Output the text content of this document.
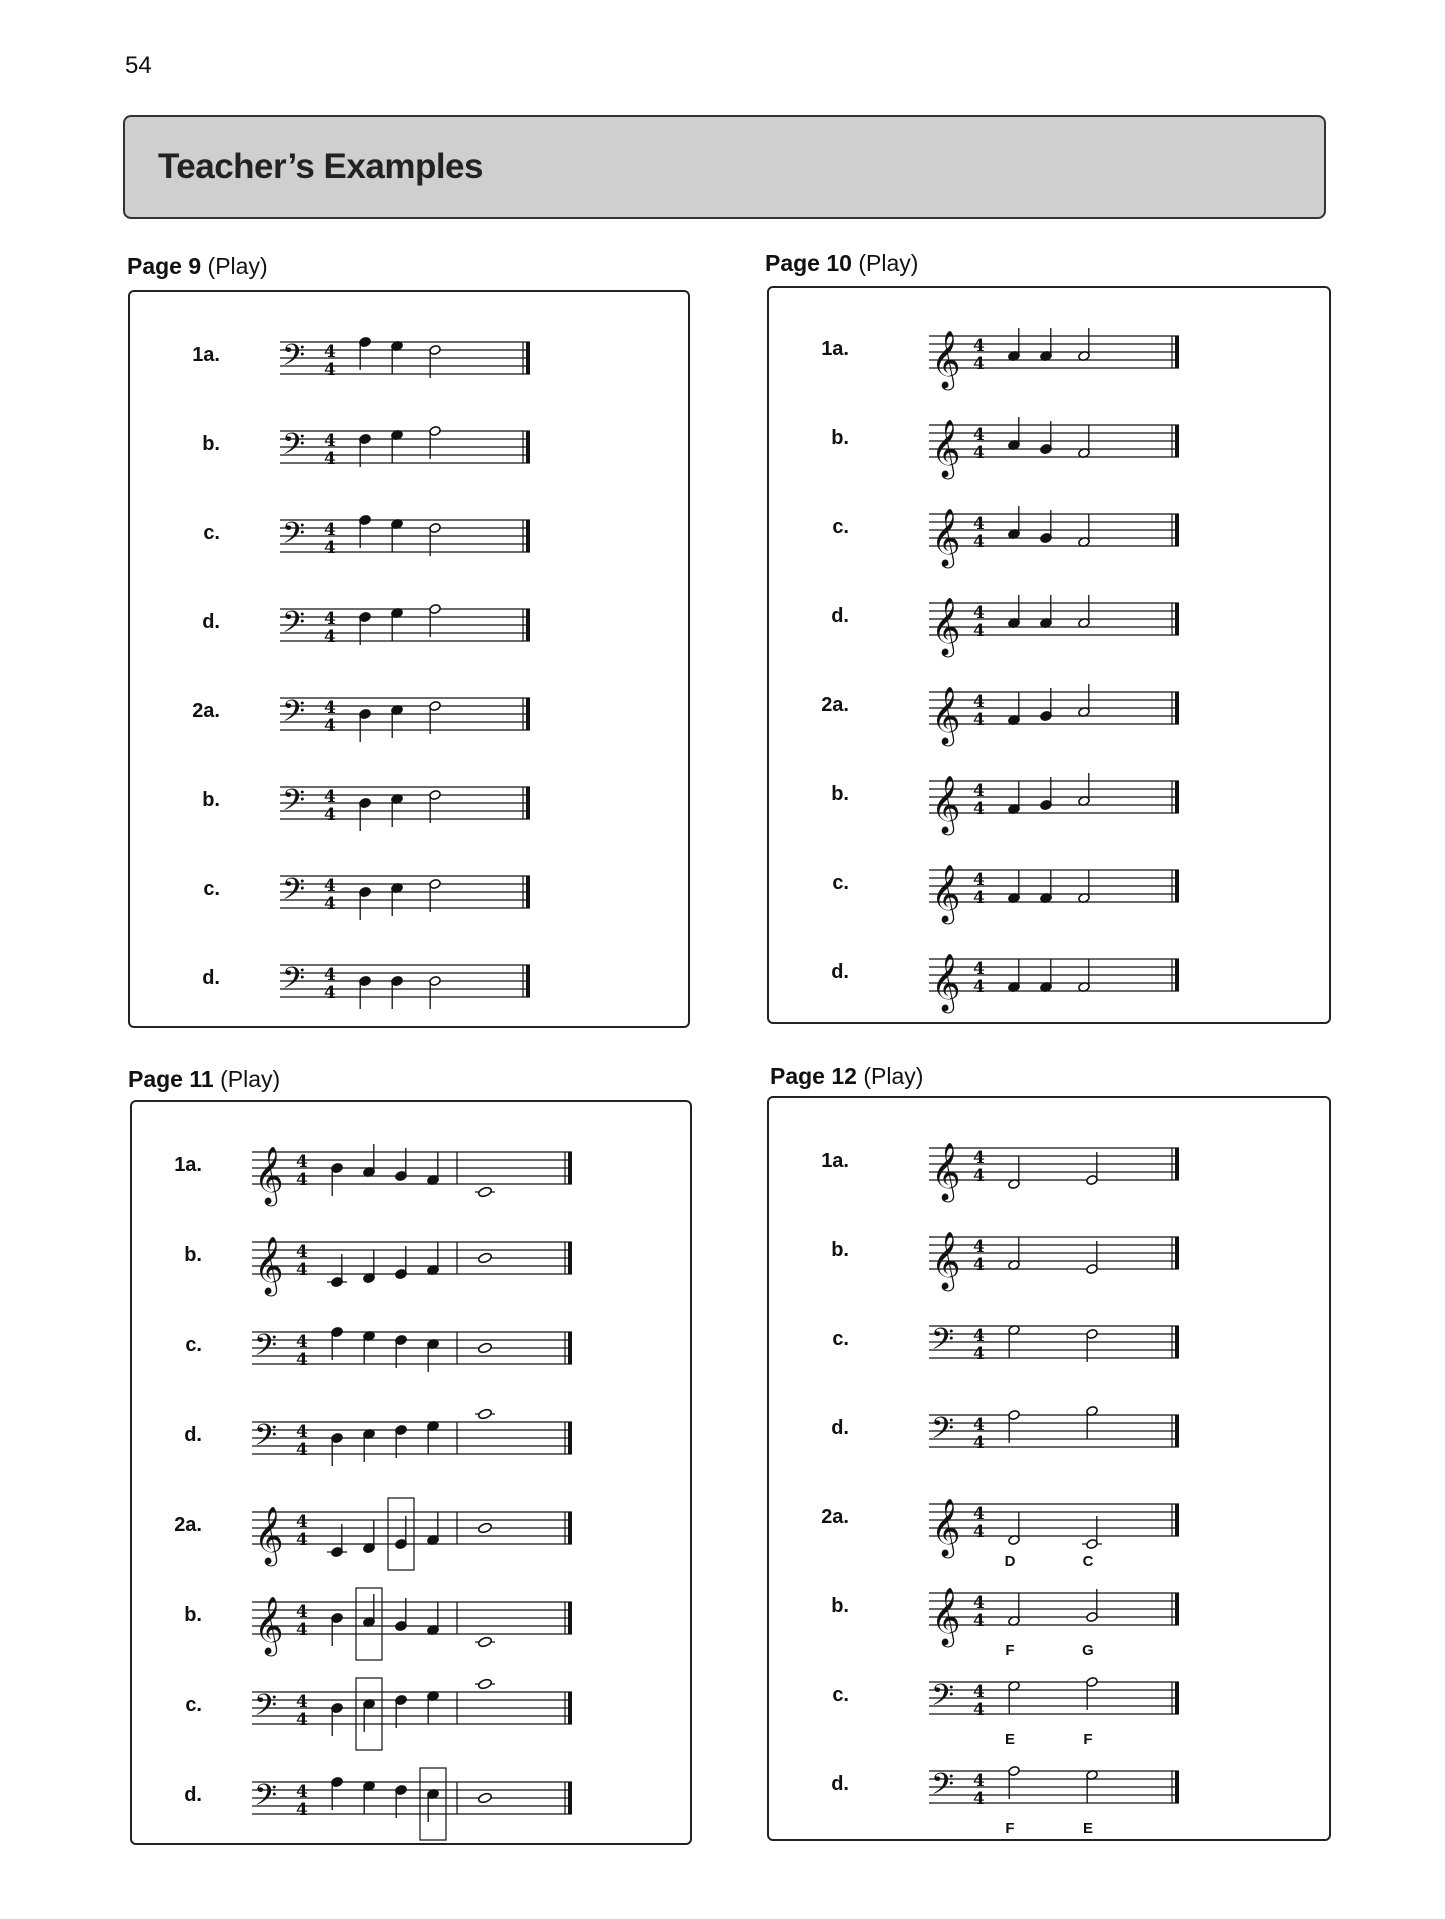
54
Teacher’s Examples
Page 9 (Play)	Page 10 (Play)
Page 11 (Play)	Page 12 (Play)
1a. 𝄢 4
4
b. 𝄢 4
4
c. 𝄢 4
4
d. 𝄢 4
4
2a. 𝄢 4
4
b. 𝄢 4
4
c. 𝄢 4
4
d. 𝄢 4
4
1a. 𝄞 4
4
b. 𝄞 4
4
c. 𝄞 4
4
d. 𝄞 4
4
2a. 𝄞 4
4
b. 𝄞 4
4
c. 𝄞 4
4
d. 𝄞 4
4
1a. 𝄞 4
4
b. 𝄞 4
4
c. 𝄢 4
4
d. 𝄢 4
4
2a. 𝄞 4
4
b. 𝄞 4
4
c. 𝄢 4
4
d. 𝄢 4
4
1a. 𝄞 4
4
b. 𝄞 4
4
c. 𝄢 4
4
d. 𝄢 4
4
2a. 𝄞 4
4
D	C
b. 𝄞 4
4
F	G
c. 𝄢 4
4
E	F
d. 𝄢 4
4
F	E
